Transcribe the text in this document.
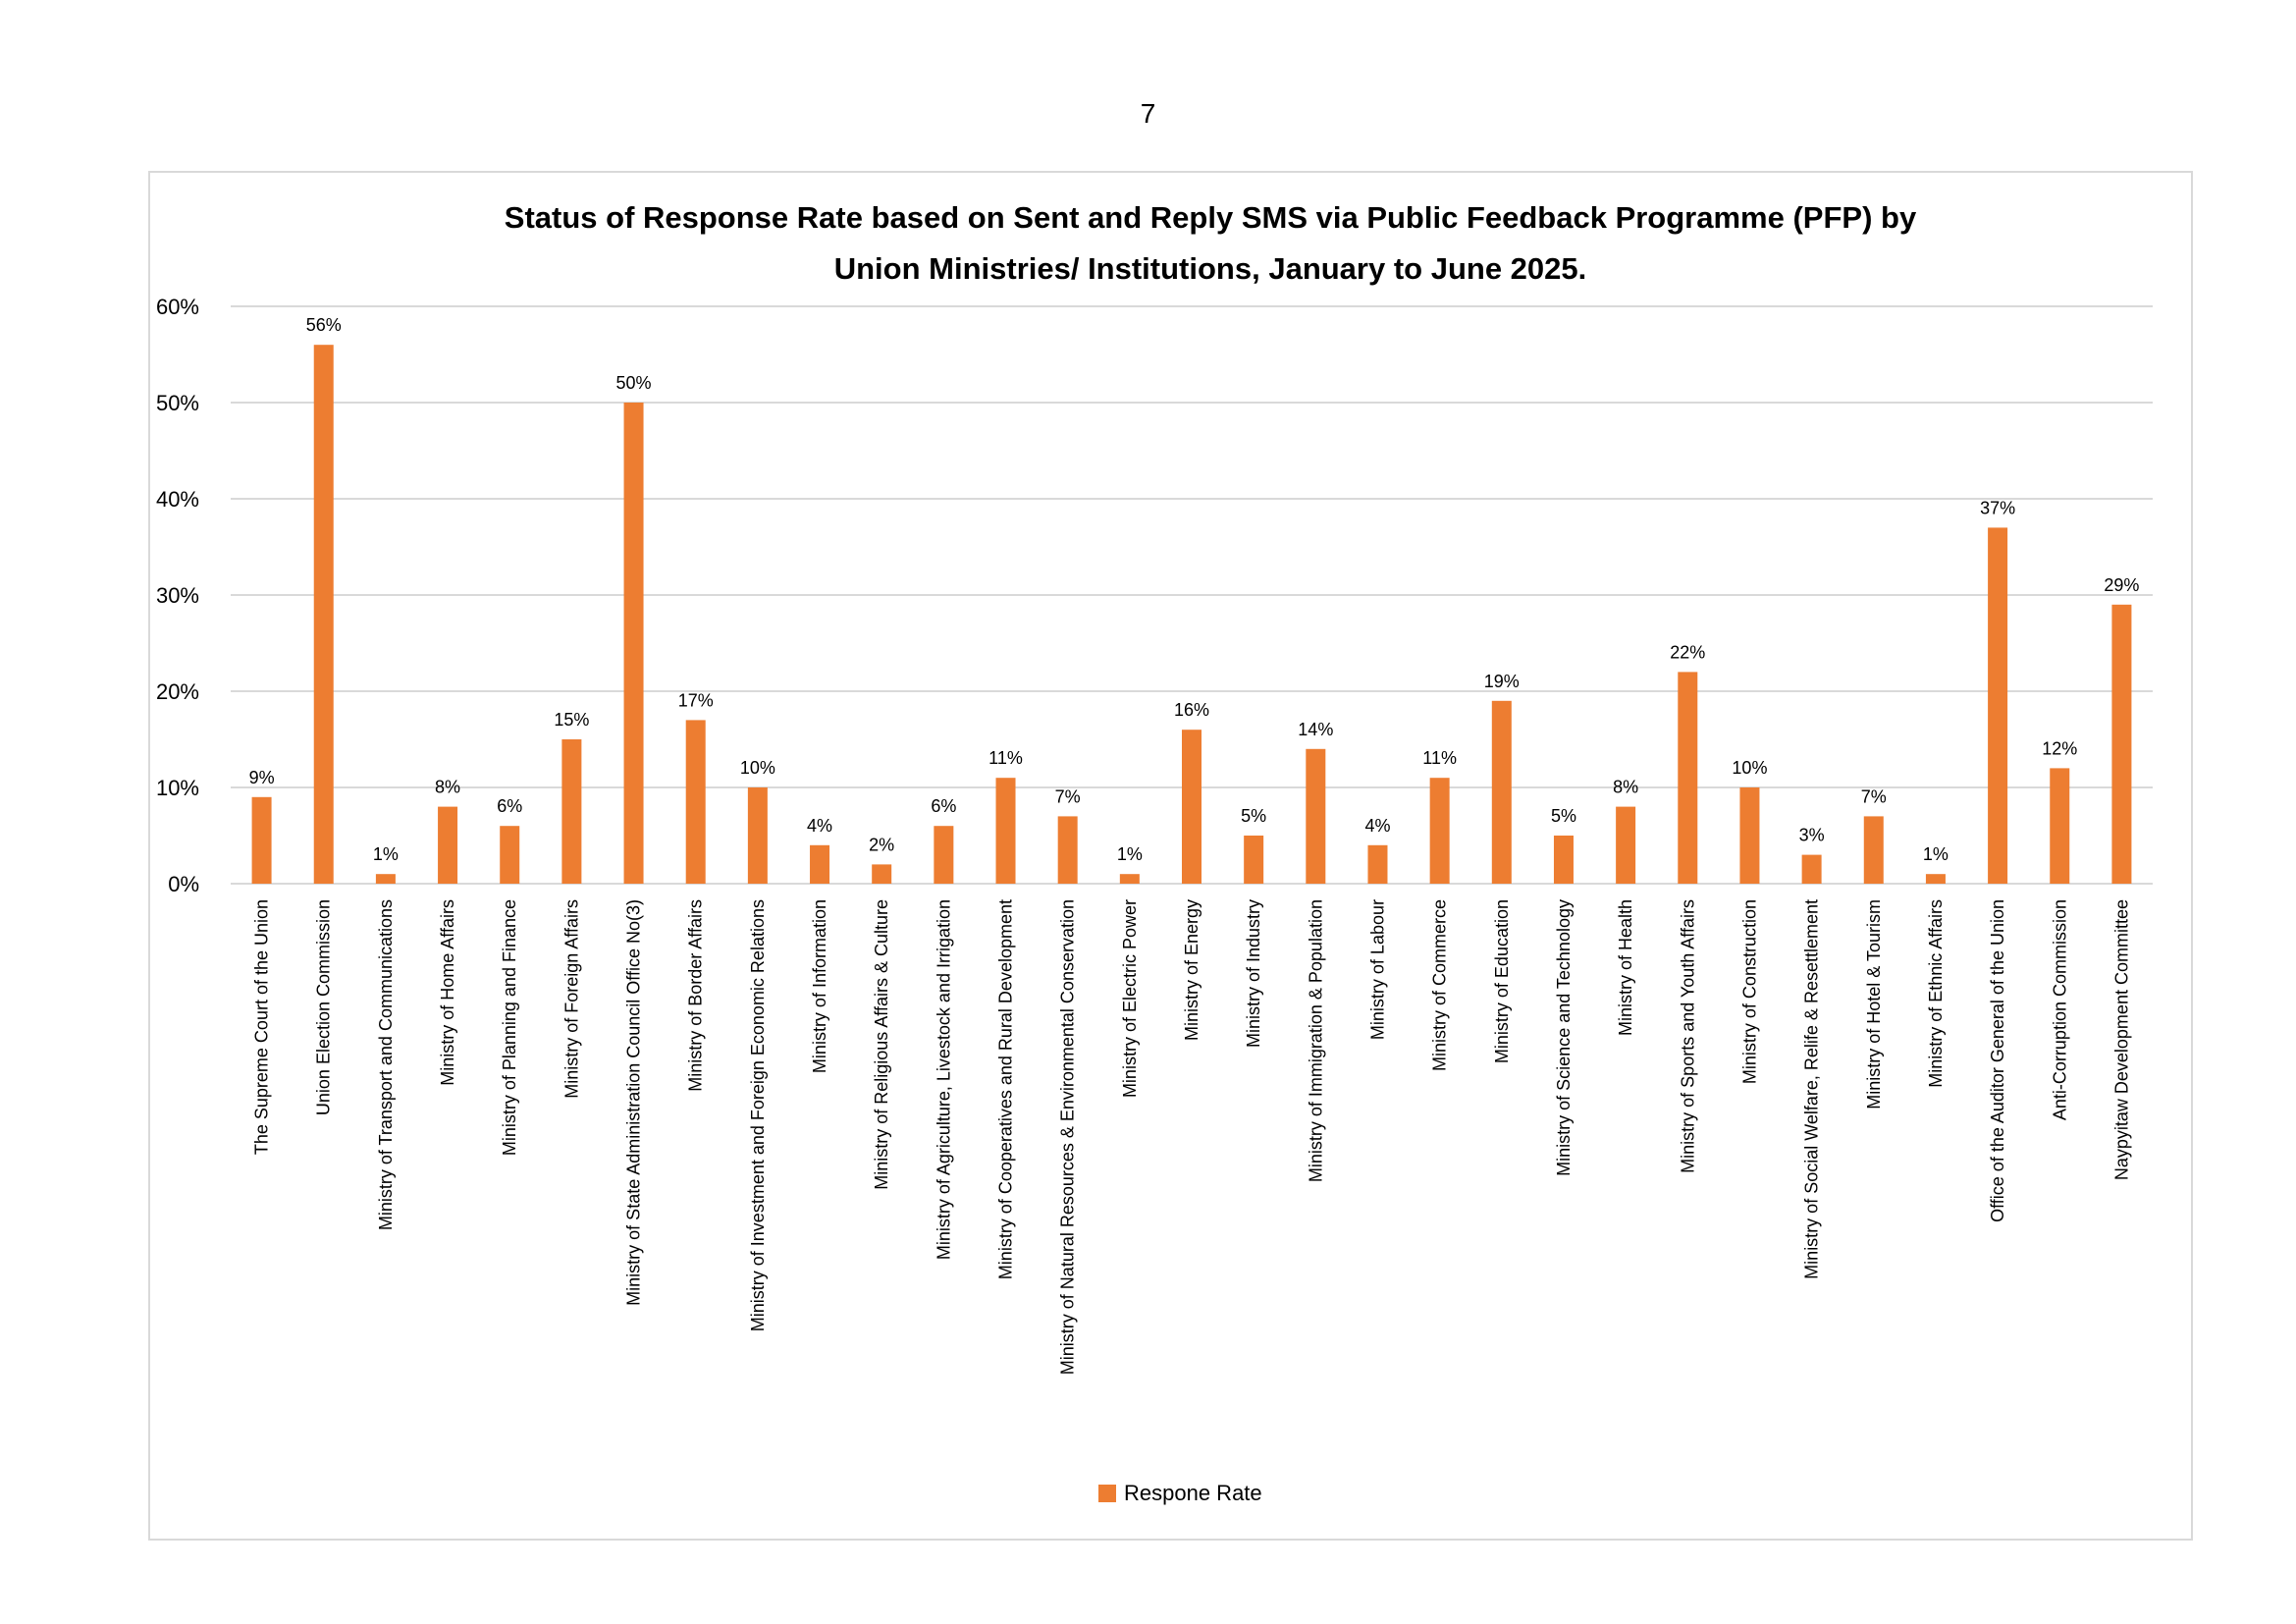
7
Status of Response Rate based on Sent and Reply SMS via Public Feedback Programme (PFP) by
Union Ministries/ Institutions, January to June 2025.
0%
10%
20%
30%
40%
50%
60%
9%
The Supreme Court of the Union
56%
Union Election Commission
1%
Ministry of Transport and Communications
8%
Ministry of Home Affairs
6%
Ministry of Planning and Finance
15%
Ministry of Foreign Affairs
50%
Ministry of State Administration Council Office No(3)
17%
Ministry of Border Affairs
10%
Ministry of Investment and Foreign Economic Relations
4%
Ministry of Information
2%
Ministry of Religious Affairs & Culture
6%
Ministry of Agriculture, Livestock and Irrigation
11%
Ministry of Cooperatives and Rural Development
7%
Ministry of Natural Resources & Environmental Conservation
1%
Ministry of Electric Power
16%
Ministry of Energy
5%
Ministry of Industry
14%
Ministry of Immigration & Population
4%
Ministry of Labour
11%
Ministry of Commerce
19%
Ministry of Education
5%
Ministry of Science and Technology
8%
Ministry of Health
22%
Ministry of Sports and Youth Affairs
10%
Ministry of Construction
3%
Ministry of Social Welfare, Relife & Resettlement
7%
Ministry of Hotel & Tourism
1%
Ministry of Ethnic Affairs
37%
Office of the Auditor General of the Union
12%
Anti-Corruption Commission
29%
Naypyitaw Development Committee
Respone Rate
